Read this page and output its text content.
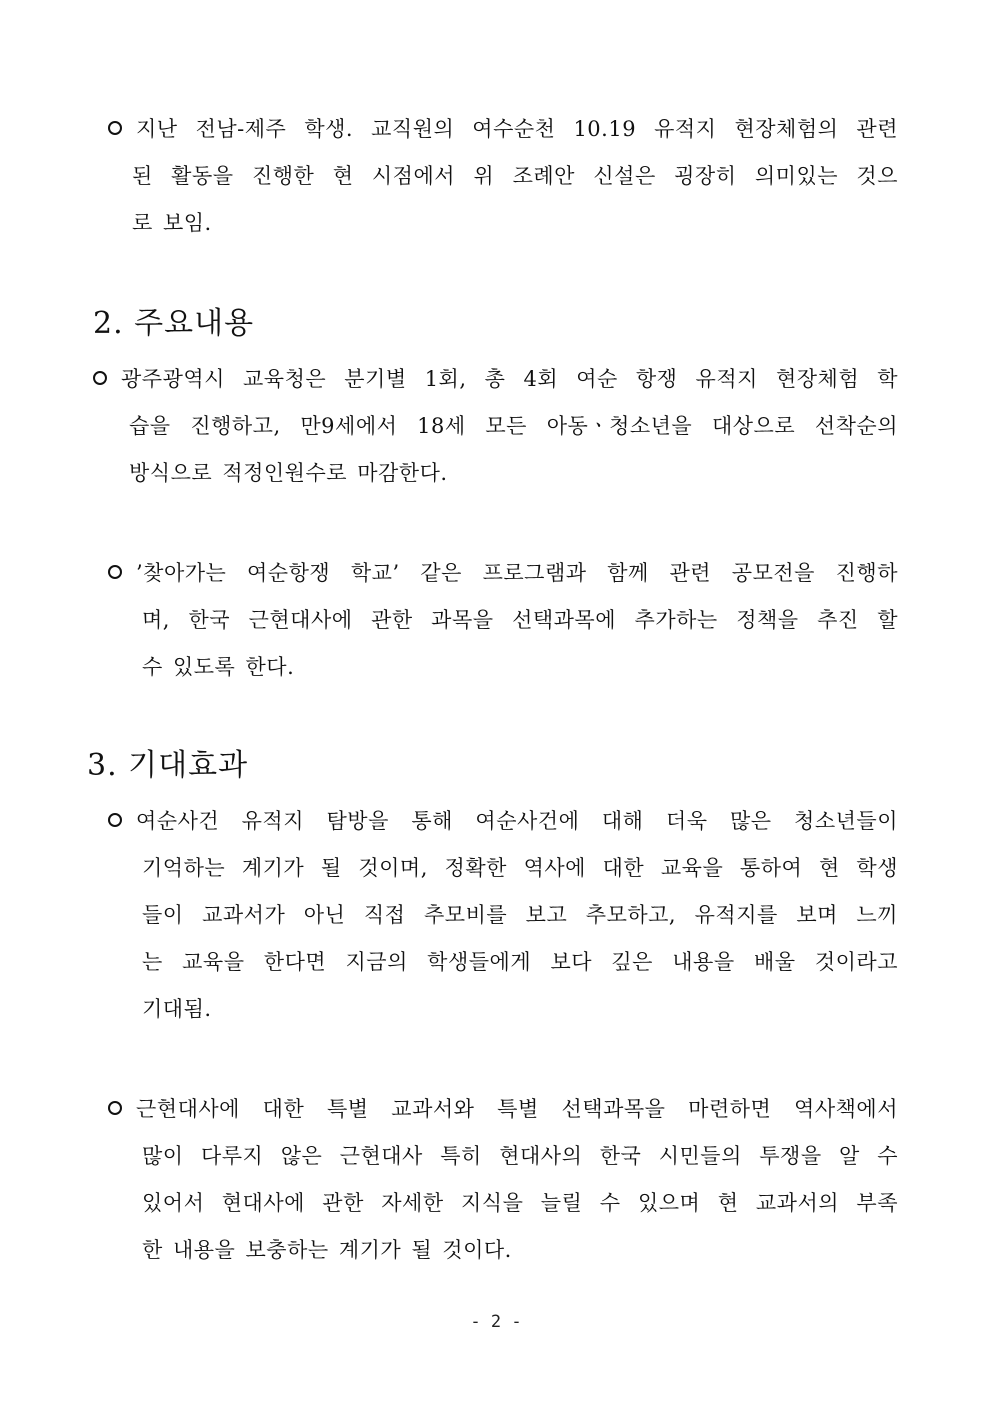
지난 전남-제주 학생. 교직원의 여수순천 10.19 유적지 현장체험의 관련
된 활동을 진행한 현 시점에서 위 조례안 신설은 굉장히 의미있는 것으
로 보임.
2. 주요내용
광주광역시 교육청은 분기별 1회, 총 4회 여순 항쟁 유적지 현장체험 학
습을 진행하고, 만9세에서 18세 모든 아동ㆍ청소년을 대상으로 선착순의
방식으로 적정인원수로 마감한다.
’찾아가는 여순항쟁 학교’ 같은 프로그램과 함께 관련 공모전을 진행하
며, 한국 근현대사에 관한 과목을 선택과목에 추가하는 정책을 추진 할
수 있도록 한다.
3. 기대효과
여순사건 유적지 탐방을 통해 여순사건에 대해 더욱 많은 청소년들이
기억하는 계기가 될 것이며, 정확한 역사에 대한 교육을 통하여 현 학생
들이 교과서가 아닌 직접 추모비를 보고 추모하고, 유적지를 보며 느끼
는 교육을 한다면 지금의 학생들에게 보다 깊은 내용을 배울 것이라고
기대됨.
근현대사에 대한 특별 교과서와 특별 선택과목을 마련하면 역사책에서
많이 다루지 않은 근현대사 특히 현대사의 한국 시민들의 투쟁을 알 수
있어서 현대사에 관한 자세한 지식을 늘릴 수 있으며 현 교과서의 부족
한 내용을 보충하는 계기가 될 것이다.
- 2 -
